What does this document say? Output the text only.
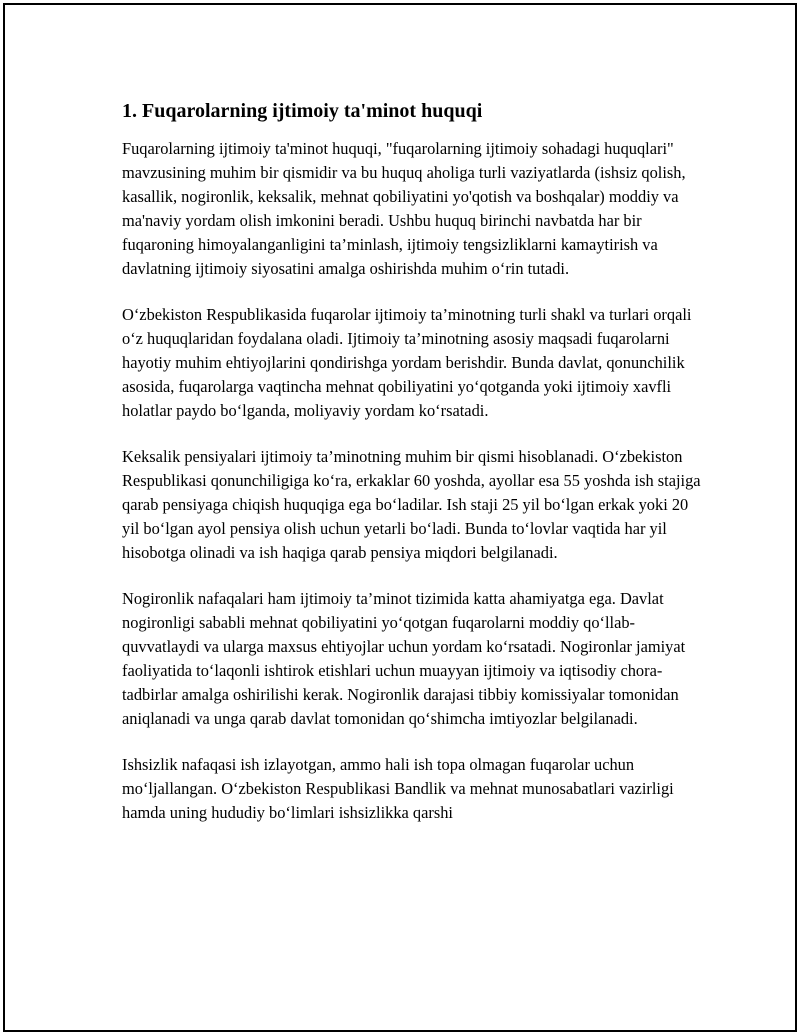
1. Fuqarolarning ijtimoiy ta'minot huquqi

Fuqarolarning ijtimoiy ta'minot huquqi, "fuqarolarning ijtimoiy sohadagi huquqlari" mavzusining muhim bir qismidir va bu huquq aholiga turli vaziyatlarda (ishsiz qolish, kasallik, nogironlik, keksalik, mehnat qobiliyatini yo'qotish va boshqalar) moddiy va ma'naviy yordam olish imkonini beradi. Ushbu huquq birinchi navbatda har bir fuqaroning himoyalanganligini ta’minlash, ijtimoiy tengsizliklarni kamaytirish va davlatning ijtimoiy siyosatini amalga oshirishda muhim o‘rin tutadi.

O‘zbekiston Respublikasida fuqarolar ijtimoiy ta’minotning turli shakl va turlari orqali o‘z huquqlaridan foydalana oladi. Ijtimoiy ta’minotning asosiy maqsadi fuqarolarni hayotiy muhim ehtiyojlarini qondirishga yordam berishdir. Bunda davlat, qonunchilik asosida, fuqarolarga vaqtincha mehnat qobiliyatini yo‘qotganda yoki ijtimoiy xavfli holatlar paydo bo‘lganda, moliyaviy yordam ko‘rsatadi.

Keksalik pensiyalari ijtimoiy ta’minotning muhim bir qismi hisoblanadi. O‘zbekiston Respublikasi qonunchiligiga ko‘ra, erkaklar 60 yoshda, ayollar esa 55 yoshda ish stajiga qarab pensiyaga chiqish huquqiga ega bo‘ladilar. Ish staji 25 yil bo‘lgan erkak yoki 20 yil bo‘lgan ayol pensiya olish uchun yetarli bo‘ladi. Bunda to‘lovlar vaqtida har yil hisobotga olinadi va ish haqiga qarab pensiya miqdori belgilanadi.

Nogironlik nafaqalari ham ijtimoiy ta’minot tizimida katta ahamiyatga ega. Davlat nogironligi sababli mehnat qobiliyatini yo‘qotgan fuqarolarni moddiy qo‘llab-quvvatlaydi va ularga maxsus ehtiyojlar uchun yordam ko‘rsatadi. Nogironlar jamiyat faoliyatida to‘laqonli ishtirok etishlari uchun muayyan ijtimoiy va iqtisodiy chora-tadbirlar amalga oshirilishi kerak. Nogironlik darajasi tibbiy komissiyalar tomonidan aniqlanadi va unga qarab davlat tomonidan qo‘shimcha imtiyozlar belgilanadi.

Ishsizlik nafaqasi ish izlayotgan, ammo hali ish topa olmagan fuqarolar uchun mo‘ljallangan. O‘zbekiston Respublikasi Bandlik va mehnat munosabatlari vazirligi hamda uning hududiy bo‘limlari ishsizlikka qarshi
